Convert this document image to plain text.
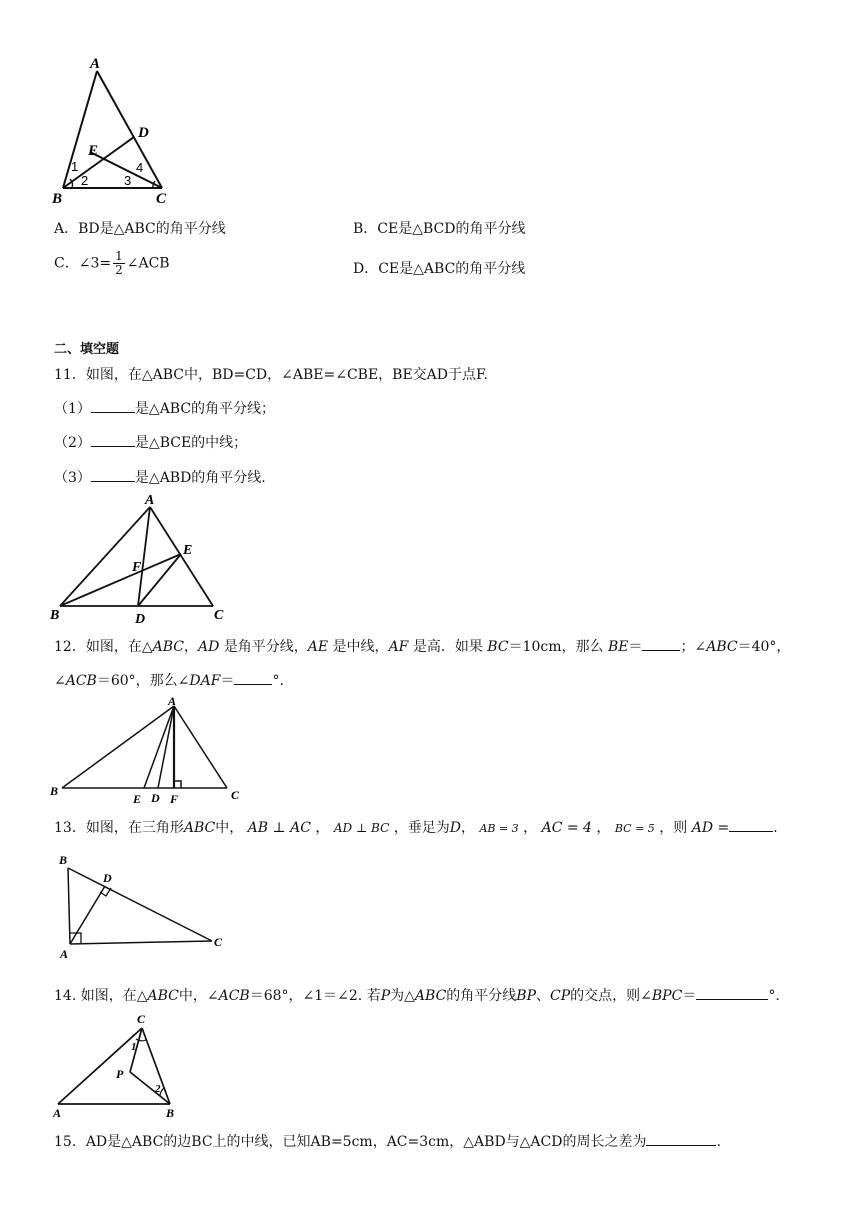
A
B	C
D
E
1
2	3
4
A．BD是△ABC的角平分线	B．CE是△BCD的角平分线
C．∠3= $\frac{1}{2}$ ∠ACB	D．CE是△ABC的角平分线
二、填空题
11．如图，在△ABC中，BD=CD，∠ABE=∠CBE，BE交AD于点F.
（1）	是△ABC的角平分线；
（2）	是△BCE的中线；
（3）	是△ABD的角平分线.
A
B	C
D
E
F
12．如图，在△ABC，AD 是角平分线，AE 是中线，AF 是高．如果 BC＝10cm，那么 BE＝	；∠ABC＝40°，
∠ACB＝60°，那么∠DAF＝	°.
A
B	C
E D F
13．如图，在三角形ABC中， AB ⊥ AC ， AD ⊥ BC ，垂足为D， AB = 3 ， AC = 4 ， BC = 5 ，则 AD =	.
B
A
C
D
14. 如图，在△ABC中，∠ACB＝68°，∠1＝∠2. 若P为△ABC的角平分线BP、CP的交点，则∠BPC＝	°.
C
A	B
P
1
2
15．AD是△ABC的边BC上的中线，已知AB=5cm，AC=3cm，△ABD与△ACD的周长之差为	.
